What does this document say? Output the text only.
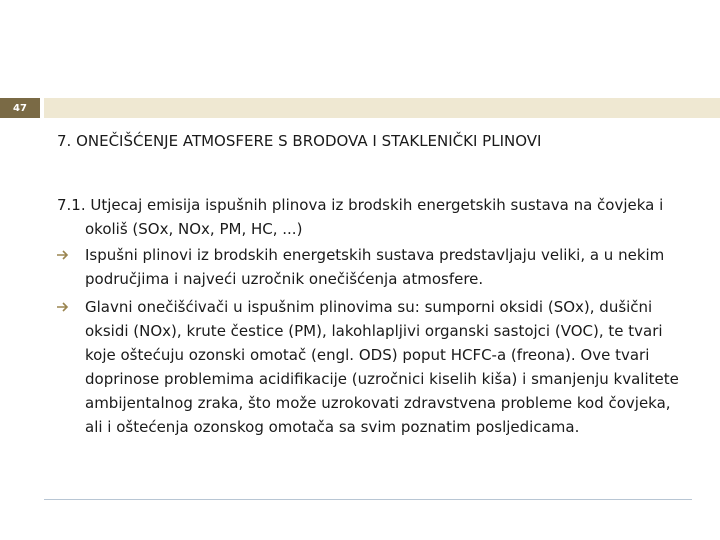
47
7. ONEČIŠĆENJE ATMOSFERE S BRODOVA I STAKLENIČKI PLINOVI

7.1. Utjecaj emisija ispušnih plinova iz brodskih energetskih sustava na čovjeka i okoliš (SOx, NOx, PM, HC, ...)

Ispušni plinovi iz brodskih energetskih sustava predstavljaju veliki, a u nekim područjima i najveći uzročnik onečišćenja atmosfere.
Glavni onečišćivači u ispušnim plinovima su: sumporni oksidi (SOx), dušični oksidi (NOx), krute čestice (PM), lakohlapljivi organski sastojci (VOC), te tvari koje oštećuju ozonski omotač (engl. ODS) poput HCFC-a (freona). Ove tvari doprinose problemima acidifikacije (uzročnici kiselih kiša) i smanjenju kvalitete ambijentalnog zraka, što može uzrokovati zdravstvena probleme kod čovjeka, ali i oštećenja ozonskog omotača sa svim poznatim posljedicama.
